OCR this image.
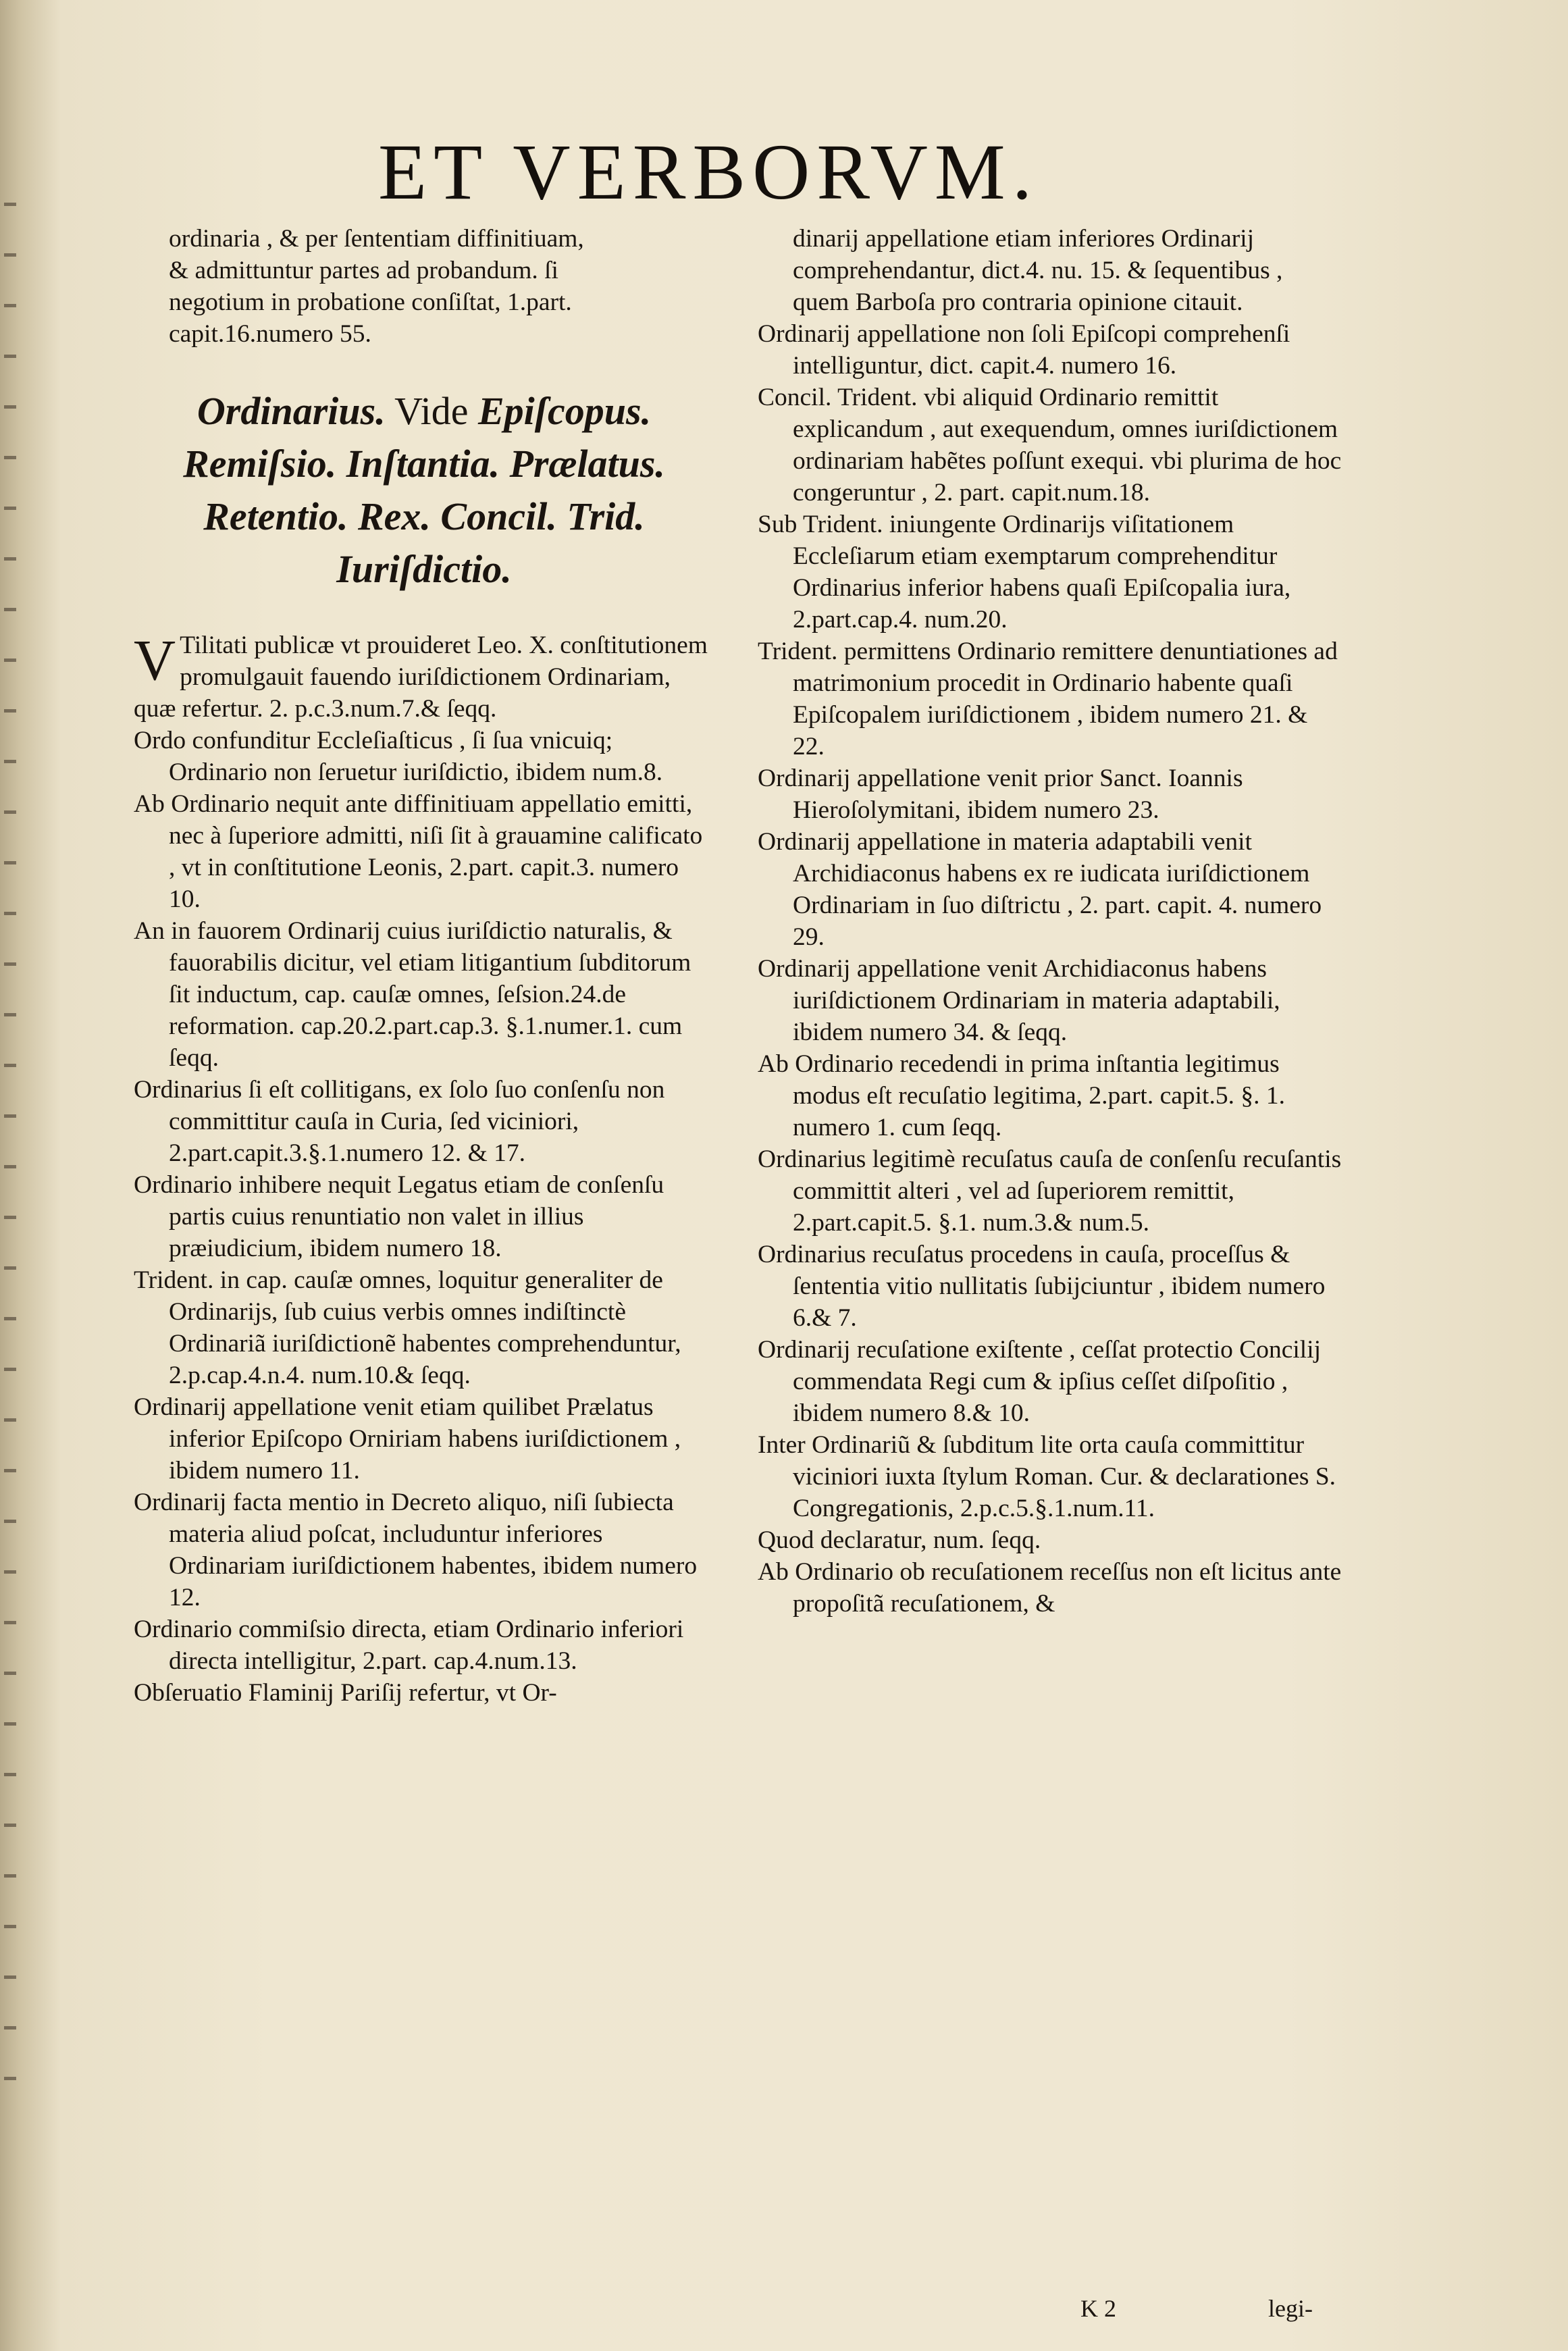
ET VERBORVM.

ordinaria , & per ſententiam diffinitiuam,

& admittuntur partes ad probandum. ſi

negotium in probatione conſiſtat, 1.part.

capit.16.numero 55.

Ordinarius. Vide Epiſcopus.
Remiſsio. Inſtantia. Prælatus.
Retentio. Rex. Concil. Trid.
Iuriſdictio.

V Tilitati publicæ vt prouideret Leo. X. conſtitutionem promulgauit fauendo iuriſdictionem Ordinariam, quæ refertur. 2. p.c.3.num.7.& ſeqq.

Ordo confunditur Eccleſiaſticus , ſi ſua vnicuiq; Ordinario non ſeruetur iuriſdictio, ibidem num.8.

Ab Ordinario nequit ante diffinitiuam appellatio emitti, nec à ſuperiore admitti, niſi ſit à grauamine calificato , vt in conſtitutione Leonis, 2.part. capit.3. numero 10.

An in fauorem Ordinarij cuius iuriſdictio naturalis, & fauorabilis dicitur, vel etiam litigantium ſubditorum ſit inductum, cap. cauſæ omnes, ſeſsion.24.de reformation. cap.20.2.part.cap.3. §.1.numer.1. cum ſeqq.

Ordinarius ſi eſt collitigans, ex ſolo ſuo conſenſu non committitur cauſa in Curia, ſed viciniori, 2.part.capit.3.§.1.numero 12. & 17.

Ordinario inhibere nequit Legatus etiam de conſenſu partis cuius renuntiatio non valet in illius præiudicium, ibidem numero 18.

Trident. in cap. cauſæ omnes, loquitur generaliter de Ordinarijs, ſub cuius verbis omnes indiſtinctè Ordinariã iuriſdictionẽ habentes comprehenduntur, 2.p.cap.4.n.4. num.10.& ſeqq.

Ordinarij appellatione venit etiam quilibet Prælatus inferior Epiſcopo Orniriam habens iuriſdictionem , ibidem numero 11.

Ordinarij facta mentio in Decreto aliquo, niſi ſubiecta materia aliud poſcat, includuntur inferiores Ordinariam iuriſdictionem habentes, ibidem numero 12.

Ordinario commiſsio directa, etiam Ordinario inferiori directa intelligitur, 2.part. cap.4.num.13.

Obſeruatio Flaminij Pariſij refertur, vt Or-

dinarij appellatione etiam inferiores Ordinarij comprehendantur, dict.4. nu. 15. & ſequentibus , quem Barboſa pro contraria opinione citauit.

Ordinarij appellatione non ſoli Epiſcopi comprehenſi intelliguntur, dict. capit.4. numero 16.

Concil. Trident. vbi aliquid Ordinario remittit explicandum , aut exequendum, omnes iuriſdictionem ordinariam habẽtes poſſunt exequi. vbi plurima de hoc congeruntur , 2. part. capit.num.18.

Sub Trident. iniungente Ordinarijs viſitationem Eccleſiarum etiam exemptarum comprehenditur Ordinarius inferior habens quaſi Epiſcopalia iura, 2.part.cap.4. num.20.

Trident. permittens Ordinario remittere denuntiationes ad matrimonium procedit in Ordinario habente quaſi Epiſcopalem iuriſdictionem , ibidem numero 21. & 22.

Ordinarij appellatione venit prior Sanct. Ioannis Hieroſolymitani, ibidem numero 23.

Ordinarij appellatione in materia adaptabili venit Archidiaconus habens ex re iudicata iuriſdictionem Ordinariam in ſuo diſtrictu , 2. part. capit. 4. numero 29.

Ordinarij appellatione venit Archidiaconus habens iuriſdictionem Ordinariam in materia adaptabili, ibidem numero 34. & ſeqq.

Ab Ordinario recedendi in prima inſtantia legitimus modus eſt recuſatio legitima, 2.part. capit.5. §. 1. numero 1. cum ſeqq.

Ordinarius legitimè recuſatus cauſa de conſenſu recuſantis committit alteri , vel ad ſuperiorem remittit, 2.part.capit.5. §.1. num.3.& num.5.

Ordinarius recuſatus procedens in cauſa, proceſſus & ſententia vitio nullitatis ſubijciuntur , ibidem numero 6.& 7.

Ordinarij recuſatione exiſtente , ceſſat protectio Concilij commendata Regi cum & ipſius ceſſet diſpoſitio , ibidem numero 8.& 10.

Inter Ordinariũ & ſubditum lite orta cauſa committitur viciniori iuxta ſtylum Roman. Cur. & declarationes S. Congregationis, 2.p.c.5.§.1.num.11.

Quod declaratur, num. ſeqq.

Ab Ordinario ob recuſationem receſſus non eſt licitus ante propoſitã recuſationem, &

K 2	legi-
